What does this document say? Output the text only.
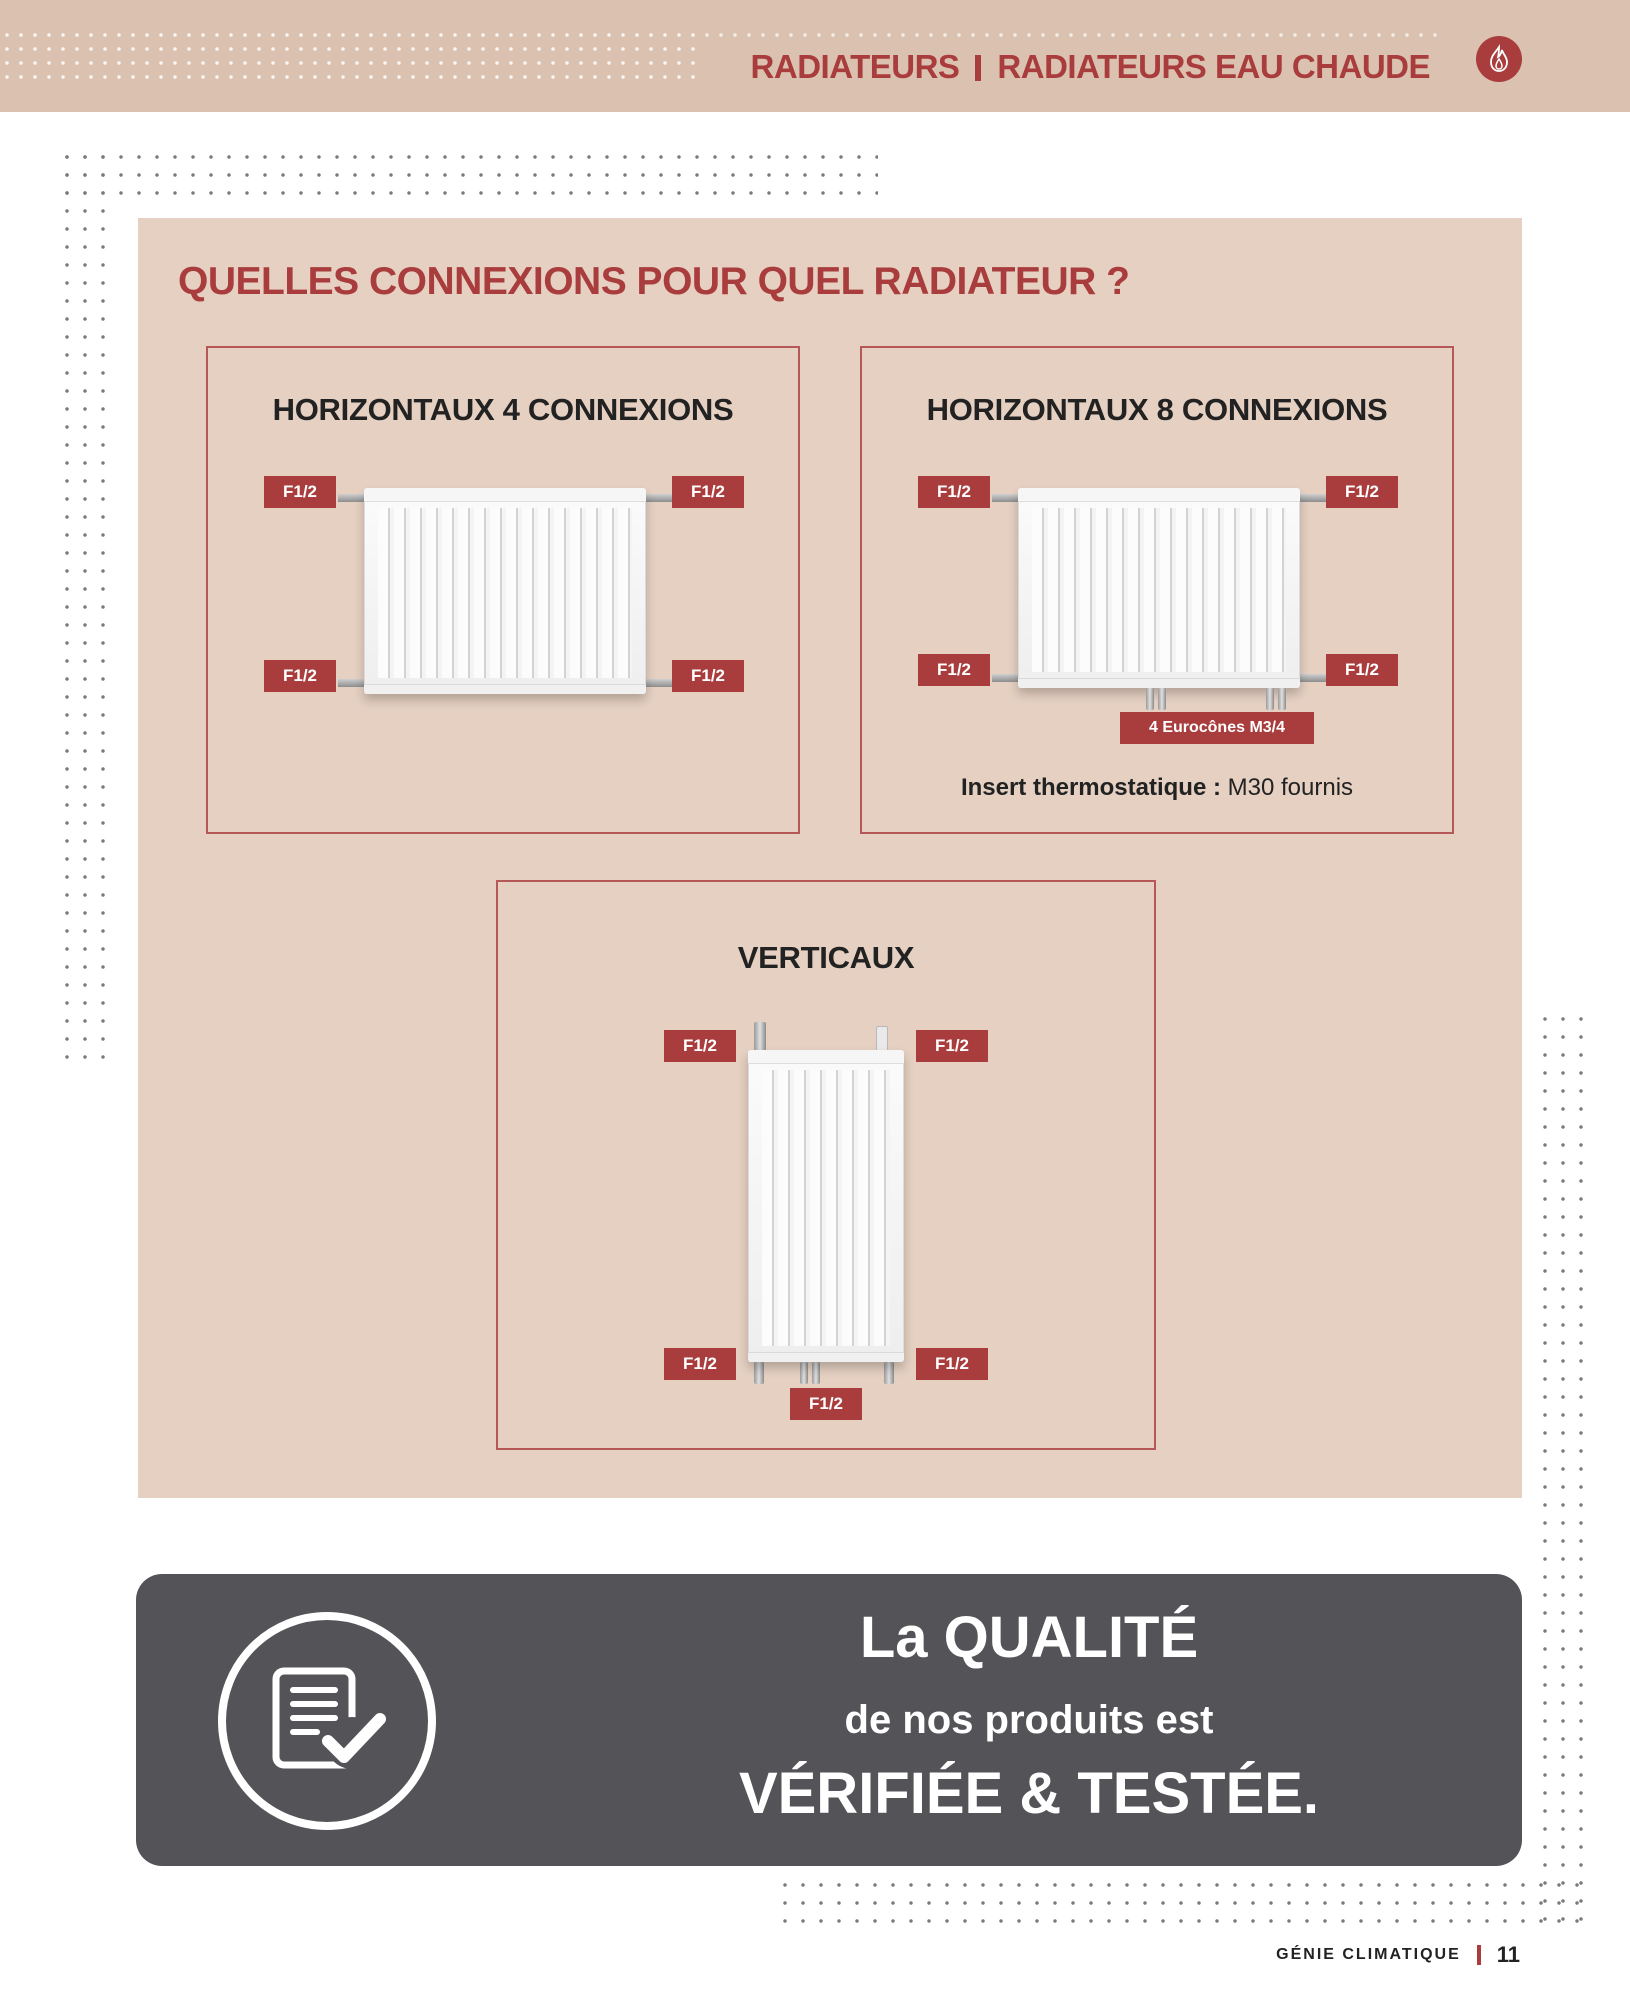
RADIATEURS RADIATEURS EAU CHAUDE
QUELLES CONNEXIONS POUR QUEL RADIATEUR ?
HORIZONTAUX 4 CONNEXIONS
F1/2	F1/2
F1/2	F1/2
HORIZONTAUX 8 CONNEXIONS
F1/2	F1/2
F1/2	F1/2
4 Eurocônes M3/4
Insert thermostatique : M30 fournis
VERTICAUX
F1/2	F1/2
F1/2	F1/2
F1/2
La QUALITÉ
de nos produits est
VÉRIFIÉE & TESTÉE.
GÉNIE CLIMATIQUE 11
